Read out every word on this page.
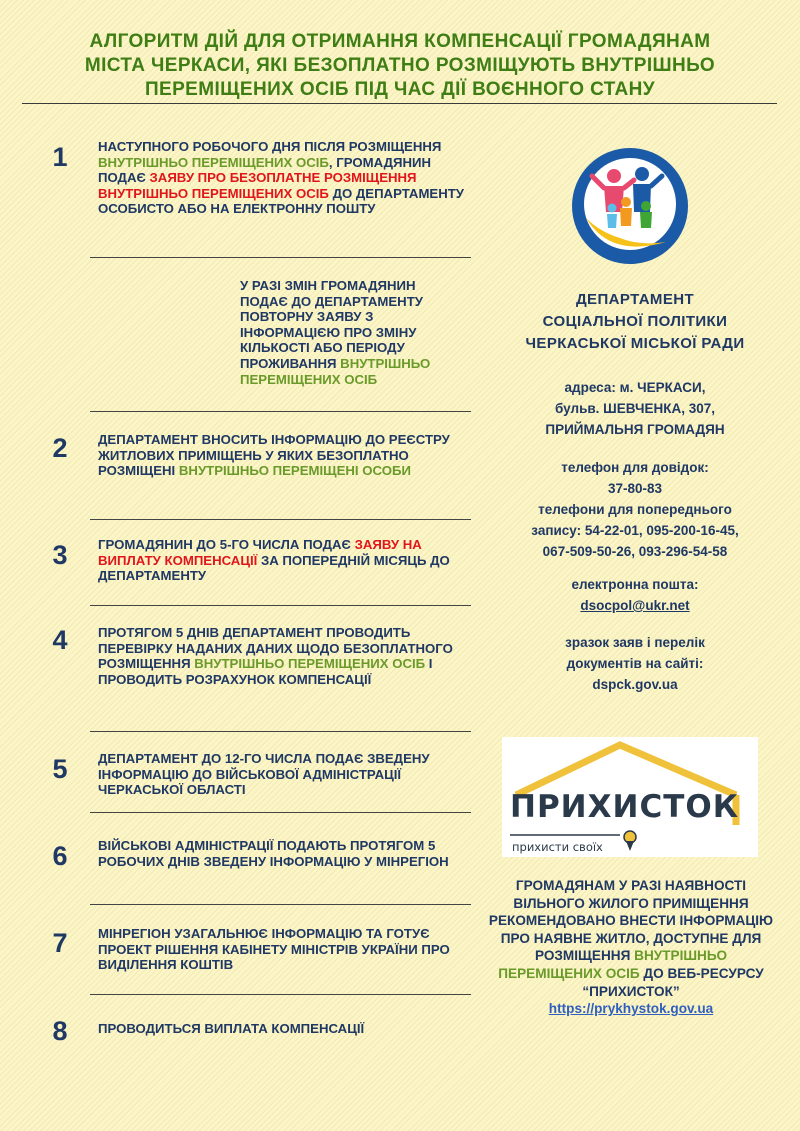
АЛГОРИТМ ДІЙ ДЛЯ ОТРИМАННЯ КОМПЕНСАЦІЇ ГРОМАДЯНАМ
МІСТА ЧЕРКАСИ, ЯКІ БЕЗОПЛАТНО РОЗМІЩУЮТЬ ВНУТРІШНЬО
ПЕРЕМІЩЕНИХ ОСІБ ПІД ЧАС ДІЇ ВОЄННОГО СТАНУ
1	НАСТУПНОГО РОБОЧОГО ДНЯ ПІСЛЯ РОЗМІЩЕННЯ ВНУТРІШНЬО ПЕРЕМІЩЕНИХ ОСІБ, ГРОМАДЯНИН ПОДАЄ ЗАЯВУ ПРО БЕЗОПЛАТНЕ РОЗМІЩЕННЯ ВНУТРІШНЬО ПЕРЕМІЩЕНИХ ОСІБ ДО ДЕПАРТАМЕНТУ ОСОБИСТО АБО НА ЕЛЕКТРОННУ ПОШТУ
У РАЗІ ЗМІН ГРОМАДЯНИН ПОДАЄ ДО ДЕПАРТАМЕНТУ ПОВТОРНУ ЗАЯВУ З ІНФОРМАЦІЄЮ ПРО ЗМІНУ КІЛЬКОСТІ АБО ПЕРІОДУ ПРОЖИВАННЯ ВНУТРІШНЬО ПЕРЕМІЩЕНИХ ОСІБ
2	ДЕПАРТАМЕНТ ВНОСИТЬ ІНФОРМАЦІЮ ДО РЕЄСТРУ ЖИТЛОВИХ ПРИМІЩЕНЬ У ЯКИХ БЕЗОПЛАТНО РОЗМІЩЕНІ ВНУТРІШНЬО ПЕРЕМІЩЕНІ ОСОБИ
3	ГРОМАДЯНИН ДО 5-ГО ЧИСЛА ПОДАЄ ЗАЯВУ НА ВИПЛАТУ КОМПЕНСАЦІЇ ЗА ПОПЕРЕДНІЙ МІСЯЦЬ ДО ДЕПАРТАМЕНТУ
4	ПРОТЯГОМ 5 ДНІВ ДЕПАРТАМЕНТ ПРОВОДИТЬ ПЕРЕВІРКУ НАДАНИХ ДАНИХ ЩОДО БЕЗОПЛАТНОГО РОЗМІЩЕННЯ ВНУТРІШНЬО ПЕРЕМІЩЕНИХ ОСІБ І ПРОВОДИТЬ РОЗРАХУНОК КОМПЕНСАЦІЇ
5	ДЕПАРТАМЕНТ ДО 12-ГО ЧИСЛА ПОДАЄ ЗВЕДЕНУ ІНФОРМАЦІЮ ДО ВІЙСЬКОВОЇ АДМІНІСТРАЦІЇ ЧЕРКАСЬКОЇ ОБЛАСТІ
6	ВІЙСЬКОВІ АДМІНІСТРАЦІЇ ПОДАЮТЬ ПРОТЯГОМ 5 РОБОЧИХ ДНІВ ЗВЕДЕНУ ІНФОРМАЦІЮ У МІНРЕГІОН
7	МІНРЕГІОН УЗАГАЛЬНЮЄ ІНФОРМАЦІЮ ТА ГОТУЄ ПРОЕКТ РІШЕННЯ КАБІНЕТУ МІНІСТРІВ УКРАЇНИ ПРО ВИДІЛЕННЯ КОШТІВ
8	ПРОВОДИТЬСЯ ВИПЛАТА КОМПЕНСАЦІЇ
ДЕПАРТАМЕНТ
СОЦІАЛЬНОЇ ПОЛІТИКИ
ЧЕРКАСЬКОЇ МІСЬКОЇ РАДИ
адреса: м. ЧЕРКАСИ,
бульв. ШЕВЧЕНКА, 307,
ПРИЙМАЛЬНЯ ГРОМАДЯН
телефон для довідок:
37-80-83
телефони для попереднього
запису: 54-22-01, 095-200-16-45,
067-509-50-26, 093-296-54-58
електронна пошта:
dsocpol@ukr.net
зразок заяв і перелік
документів на сайті:
dspck.gov.ua
ПРИХИСТОК
прихисти своїх
ГРОМАДЯНАМ У РАЗІ НАЯВНОСТІ ВІЛЬНОГО ЖИЛОГО ПРИМІЩЕННЯ РЕКОМЕНДОВАНО ВНЕСТИ ІНФОРМАЦІЮ ПРО НАЯВНЕ ЖИТЛО, ДОСТУПНЕ ДЛЯ РОЗМІЩЕННЯ ВНУТРІШНЬО ПЕРЕМІЩЕНИХ ОСІБ ДО ВЕБ-РЕСУРСУ “ПРИХИСТОК”
https://prykhystok.gov.ua
